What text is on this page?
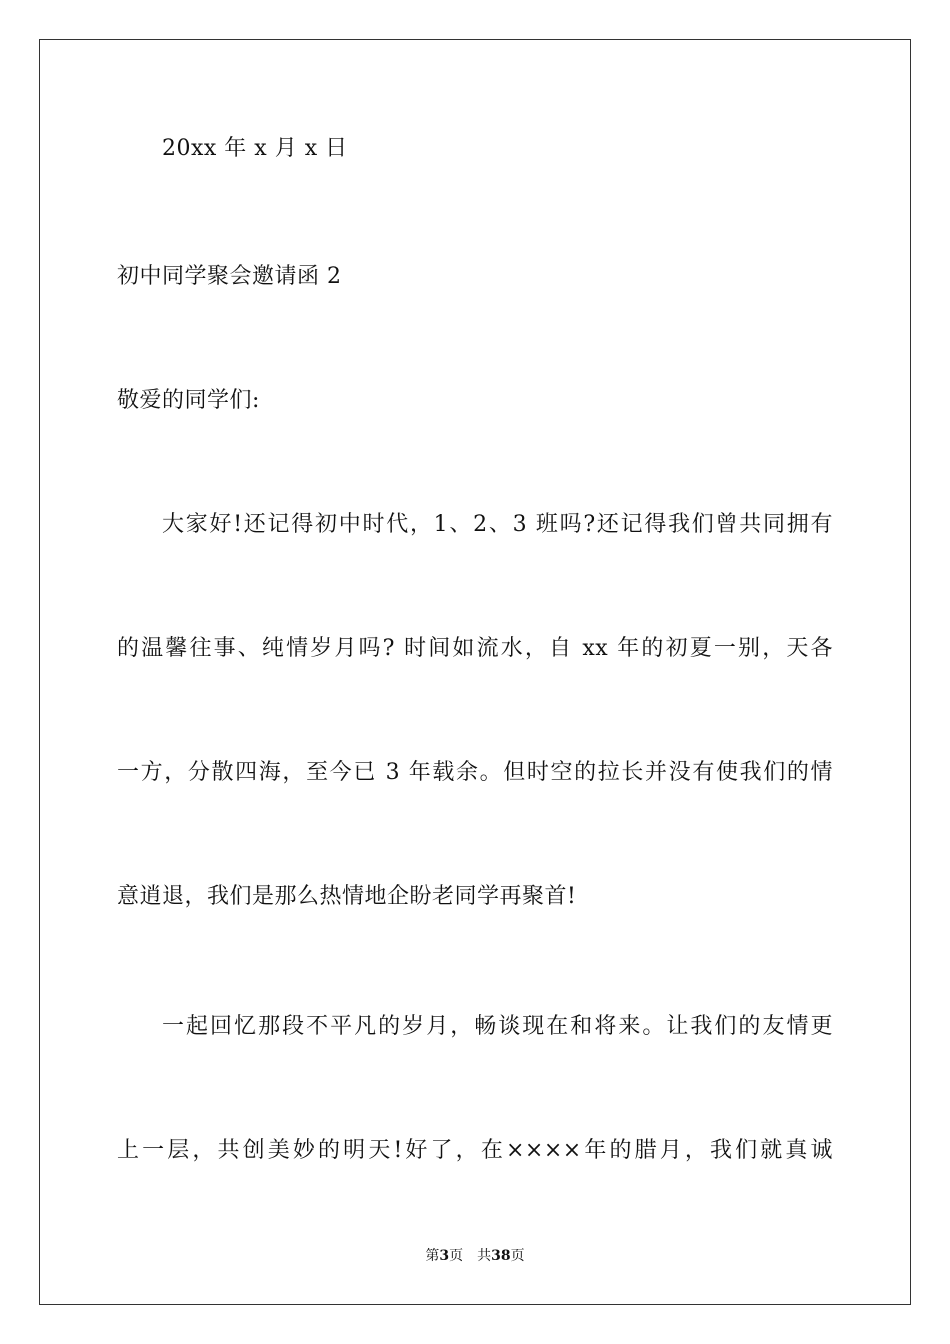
20xx 年 x 月 x 日
初中同学聚会邀请函 2
敬爱的同学们:
大家好!还记得初中时代，1、2、3 班吗?还记得我们曾共同拥有
的温馨往事、纯情岁月吗? 时间如流水，自 xx 年的初夏一别，天各
一方，分散四海，至今已 3 年载余。但时空的拉长并没有使我们的情
意逍退，我们是那么热情地企盼老同学再聚首!
一起回忆那段不平凡的岁月，畅谈现在和将来。让我们的友情更
上一层，共创美妙的明天!好了，在××××年的腊月，我们就真诚
第3页 共38页
